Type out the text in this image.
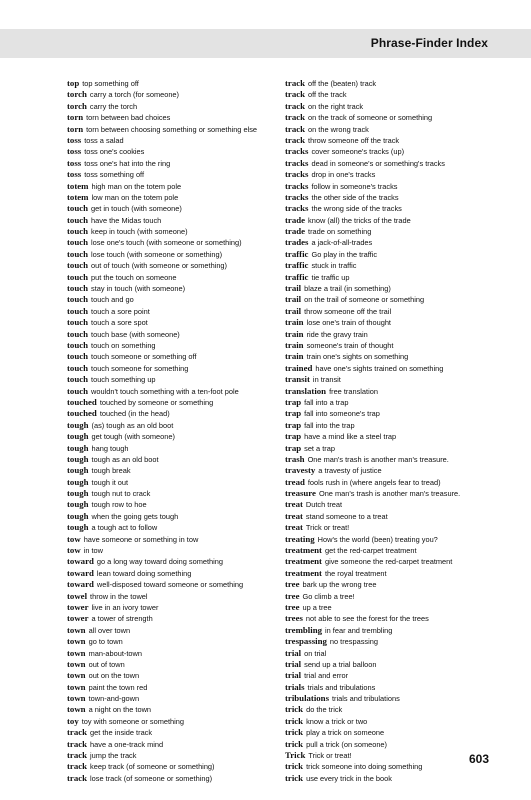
Phrase-Finder Index
top top something off
torch carry a torch (for someone)
torch carry the torch
torn torn between bad choices
torn torn between choosing something or something else
toss toss a salad
toss toss one's cookies
toss toss one's hat into the ring
toss toss something off
totem high man on the totem pole
totem low man on the totem pole
touch get in touch (with someone)
touch have the Midas touch
touch keep in touch (with someone)
touch lose one's touch (with someone or something)
touch lose touch (with someone or something)
touch out of touch (with someone or something)
touch put the touch on someone
touch stay in touch (with someone)
touch touch and go
touch touch a sore point
touch touch a sore spot
touch touch base (with someone)
touch touch on something
touch touch someone or something off
touch touch someone for something
touch touch something up
touch wouldn't touch something with a ten-foot pole
touched touched by someone or something
touched touched (in the head)
tough (as) tough as an old boot
tough get tough (with someone)
tough hang tough
tough tough as an old boot
tough tough break
tough tough it out
tough tough nut to crack
tough tough row to hoe
tough when the going gets tough
tough a tough act to follow
tow have someone or something in tow
tow in tow
toward go a long way toward doing something
toward lean toward doing something
toward well-disposed toward someone or something
towel throw in the towel
tower live in an ivory tower
tower a tower of strength
town all over town
town go to town
town man-about-town
town out of town
town out on the town
town paint the town red
town town-and-gown
town a night on the town
toy toy with someone or something
track get the inside track
track have a one-track mind
track jump the track
track keep track (of someone or something)
track lose track (of someone or something)
track off the (beaten) track
track off the track
track on the right track
track on the track of someone or something
track on the wrong track
track throw someone off the track
tracks cover someone's tracks (up)
tracks dead in someone's or something's tracks
tracks drop in one's tracks
tracks follow in someone's tracks
tracks the other side of the tracks
tracks the wrong side of the tracks
trade know (all) the tricks of the trade
trade trade on something
trades a jack-of-all-trades
traffic Go play in the traffic
traffic stuck in traffic
traffic tie traffic up
trail blaze a trail (in something)
trail on the trail of someone or something
trail throw someone off the trail
train lose one's train of thought
train ride the gravy train
train someone's train of thought
train train one's sights on something
trained have one's sights trained on something
transit in transit
translation free translation
trap fall into a trap
trap fall into someone's trap
trap fall into the trap
trap have a mind like a steel trap
trap set a trap
trash One man's trash is another man's treasure.
travesty a travesty of justice
tread fools rush in (where angels fear to tread)
treasure One man's trash is another man's treasure.
treat Dutch treat
treat stand someone to a treat
treat Trick or treat!
treating How's the world (been) treating you?
treatment get the red-carpet treatment
treatment give someone the red-carpet treatment
treatment the royal treatment
tree bark up the wrong tree
tree Go climb a tree!
tree up a tree
trees not able to see the forest for the trees
trembling in fear and trembling
trespassing no trespassing
trial on trial
trial send up a trial balloon
trial trial and error
trials trials and tribulations
tribulations trials and tribulations
trick do the trick
trick know a trick or two
trick play a trick on someone
trick pull a trick (on someone)
Trick Trick or treat!
trick trick someone into doing something
trick use every trick in the book
603
